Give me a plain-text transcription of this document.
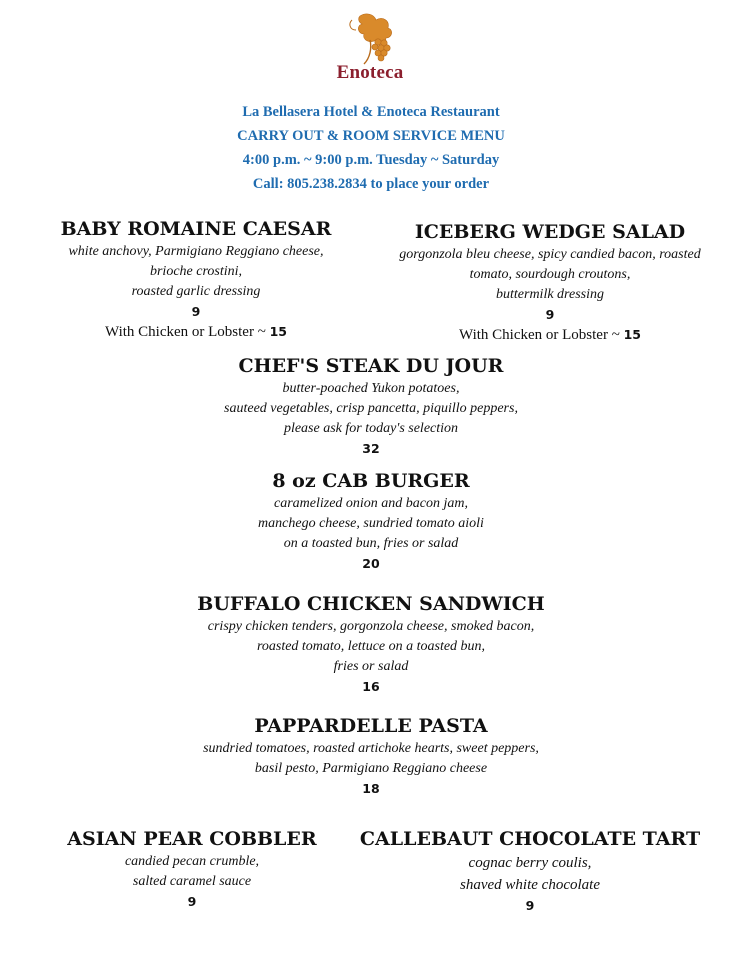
Enoteca
La Bellasera Hotel & Enoteca Restaurant
CARRY OUT & ROOM SERVICE MENU
4:00 p.m. ~ 9:00 p.m. Tuesday ~ Saturday
Call: 805.238.2834 to place your order
BABY ROMAINE CAESAR
white anchovy, Parmigiano Reggiano cheese,
brioche crostini,
roasted garlic dressing
9
With Chicken or Lobster ~ 15
ICEBERG WEDGE SALAD
gorgonzola bleu cheese, spicy candied bacon, roasted
tomato, sourdough croutons,
buttermilk dressing
9
With Chicken or Lobster ~ 15
CHEF'S STEAK DU JOUR
butter-poached Yukon potatoes,
sauteed vegetables, crisp pancetta, piquillo peppers,
please ask for today's selection
32
8 oz CAB BURGER
caramelized onion and bacon jam,
manchego cheese, sundried tomato aioli
on a toasted bun, fries or salad
20
BUFFALO CHICKEN SANDWICH
crispy chicken tenders, gorgonzola cheese, smoked bacon,
roasted tomato, lettuce on a toasted bun,
fries or salad
16
PAPPARDELLE PASTA
sundried tomatoes, roasted artichoke hearts, sweet peppers,
basil pesto, Parmigiano Reggiano cheese
18
ASIAN PEAR COBBLER
candied pecan crumble,
salted caramel sauce
9
CALLEBAUT CHOCOLATE TART
cognac berry coulis,
shaved white chocolate
9
